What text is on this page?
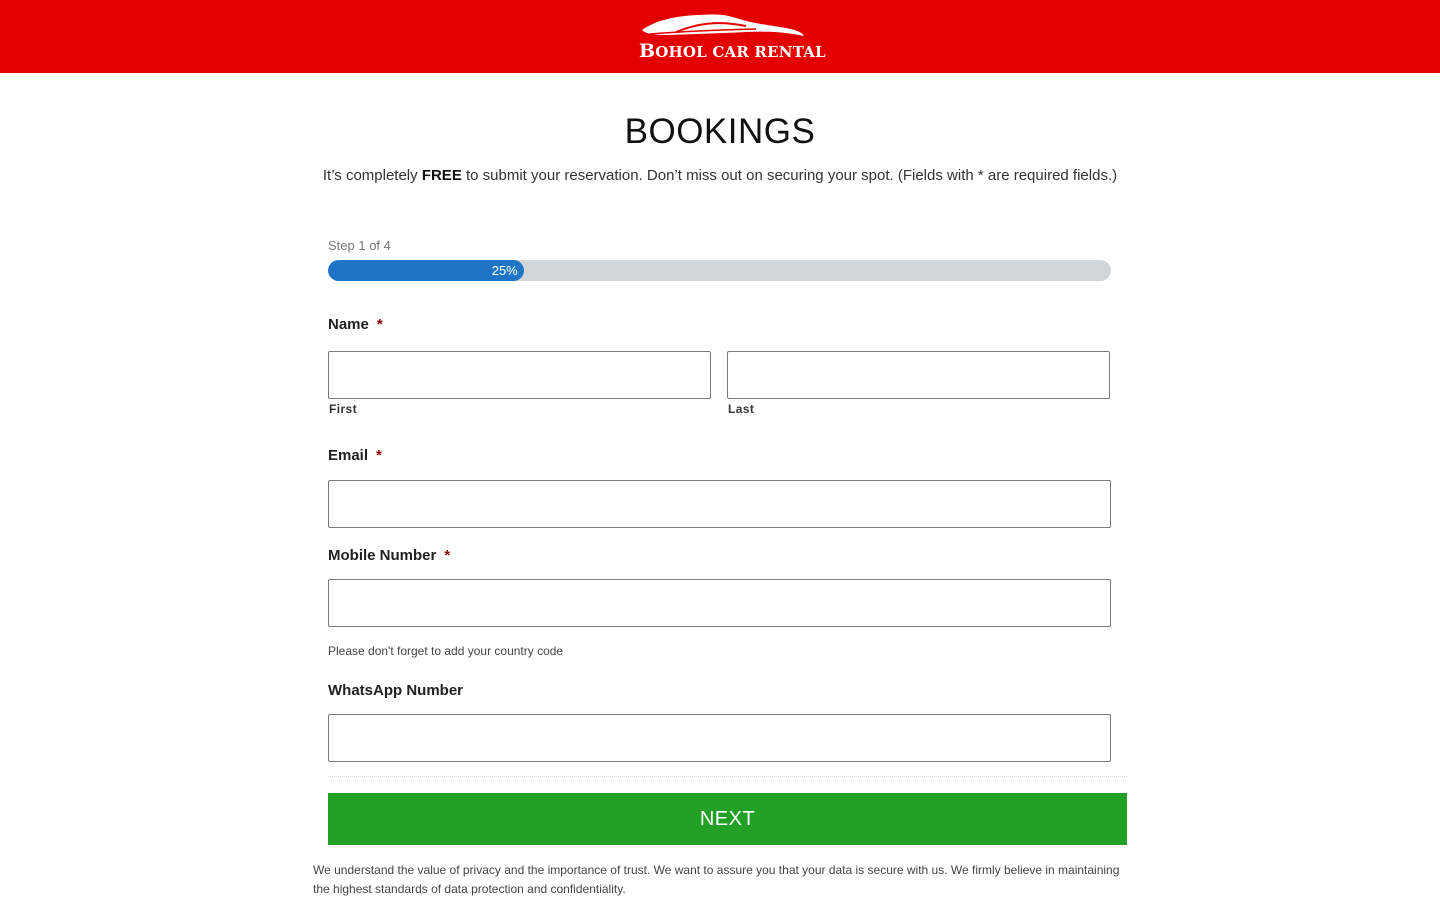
BOHOL CAR RENTAL
BOOKINGS
It’s completely FREE to submit your reservation. Don’t miss out on securing your spot. (Fields with * are required fields.)
Step 1 of 4
25%
Name *
First	Last
Email *
Mobile Number *
Please don't forget to add your country code
WhatsApp Number
NEXT
We understand the value of privacy and the importance of trust. We want to assure you that your data is secure with us. We firmly believe in maintaining the highest standards of data protection and confidentiality.
